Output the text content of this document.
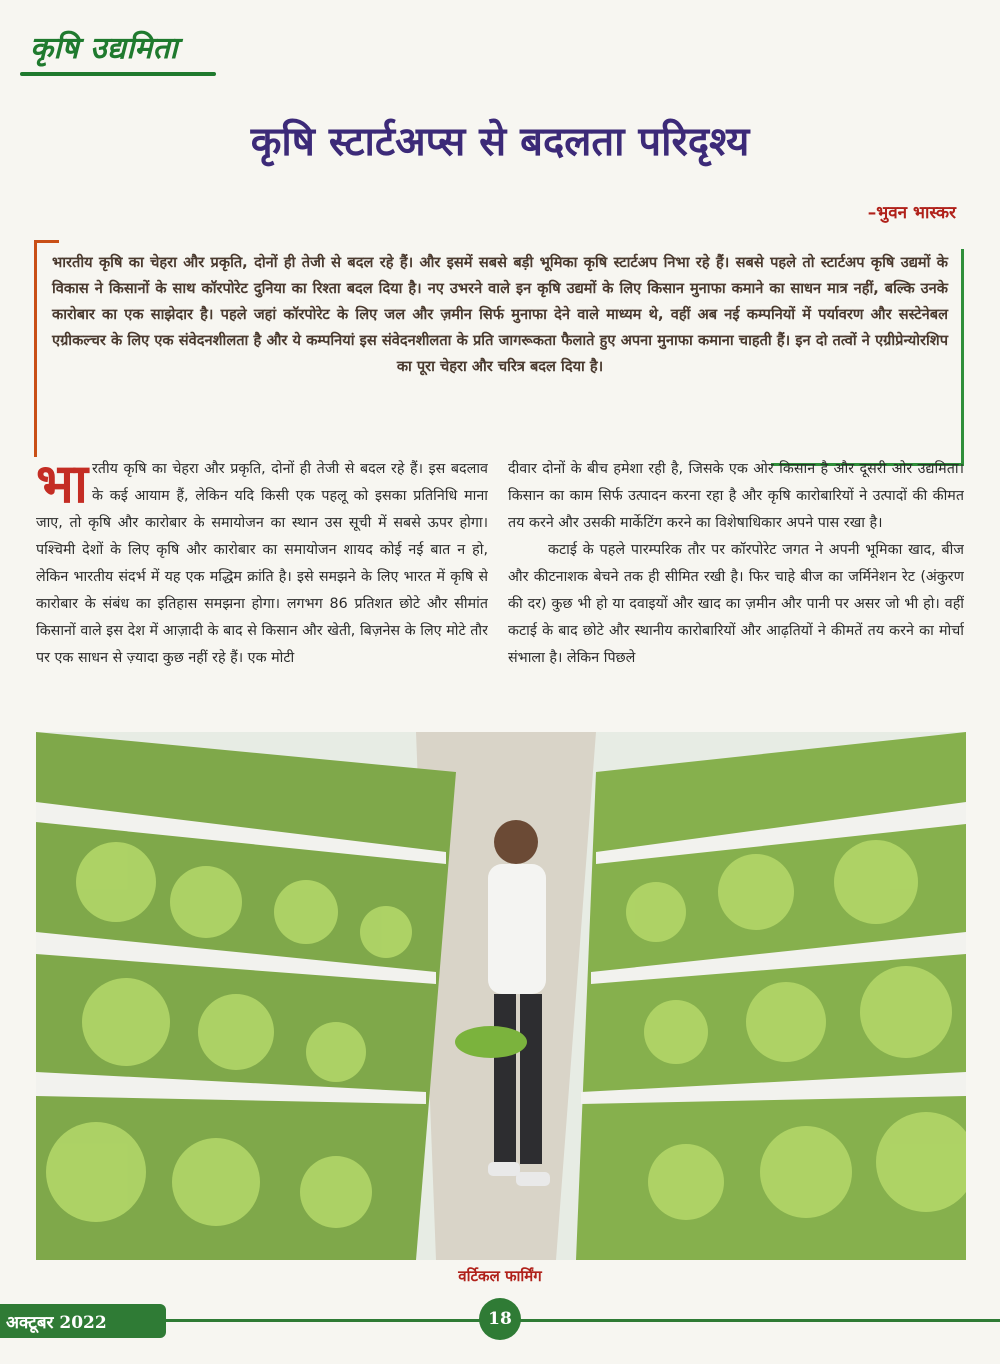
कृषि उद्यमिता
कृषि स्टार्टअप्स से बदलता परिदृश्य
–भुवन भास्कर

भारतीय कृषि का चेहरा और प्रकृति, दोनों ही तेजी से बदल रहे हैं। और इसमें सबसे बड़ी भूमिका कृषि स्टार्टअप निभा रहे हैं। सबसे पहले तो स्टार्टअप कृषि उद्यमों के विकास ने किसानों के साथ कॉरपोरेट दुनिया का रिश्ता बदल दिया है। नए उभरने वाले इन कृषि उद्यमों के लिए किसान मुनाफा कमाने का साधन मात्र नहीं, बल्कि उनके कारोबार का एक साझेदार है। पहले जहां कॉरपोरेट के लिए जल और ज़मीन सिर्फ मुनाफा देने वाले माध्यम थे, वहीं अब नई कम्पनियों में पर्यावरण और सस्टेनेबल एग्रीकल्चर के लिए एक संवेदनशीलता है और ये कम्पनियां इस संवेदनशीलता के प्रति जागरूकता फैलाते हुए अपना मुनाफा कमाना चाहती हैं। इन दो तत्वों ने एग्रीप्रेन्योरशिप का पूरा चेहरा और चरित्र बदल दिया है।

भारतीय कृषि का चेहरा और प्रकृति, दोनों ही तेजी से बदल रहे हैं। इस बदलाव के कई आयाम हैं, लेकिन यदि किसी एक पहलू को इसका प्रतिनिधि माना जाए, तो कृषि और कारोबार के समायोजन का स्थान उस सूची में सबसे ऊपर होगा। पश्चिमी देशों के लिए कृषि और कारोबार का समायोजन शायद कोई नई बात न हो, लेकिन भारतीय संदर्भ में यह एक मद्धिम क्रांति है। इसे समझने के लिए भारत में कृषि से कारोबार के संबंध का इतिहास समझना होगा। लगभग 86 प्रतिशत छोटे और सीमांत किसानों वाले इस देश में आज़ादी के बाद से किसान और खेती, बिज़नेस के लिए मोटे तौर पर एक साधन से ज़्यादा कुछ नहीं रहे हैं। एक मोटी

दीवार दोनों के बीच हमेशा रही है, जिसके एक ओर किसान है और दूसरी ओर उद्यमिता। किसान का काम सिर्फ उत्पादन करना रहा है और कृषि कारोबारियों ने उत्पादों की कीमत तय करने और उसकी मार्केटिंग करने का विशेषाधिकार अपने पास रखा है।

कटाई के पहले पारम्परिक तौर पर कॉरपोरेट जगत ने अपनी भूमिका खाद, बीज और कीटनाशक बेचने तक ही सीमित रखी है। फिर चाहे बीज का जर्मिनेशन रेट (अंकुरण की दर) कुछ भी हो या दवाइयों और खाद का ज़मीन और पानी पर असर जो भी हो। वहीं कटाई के बाद छोटे और स्थानीय कारोबारियों और आढ़तियों ने कीमतें तय करने का मोर्चा संभाला है। लेकिन पिछले

वर्टिकल फार्मिंग
अक्टूबर 2022	18
